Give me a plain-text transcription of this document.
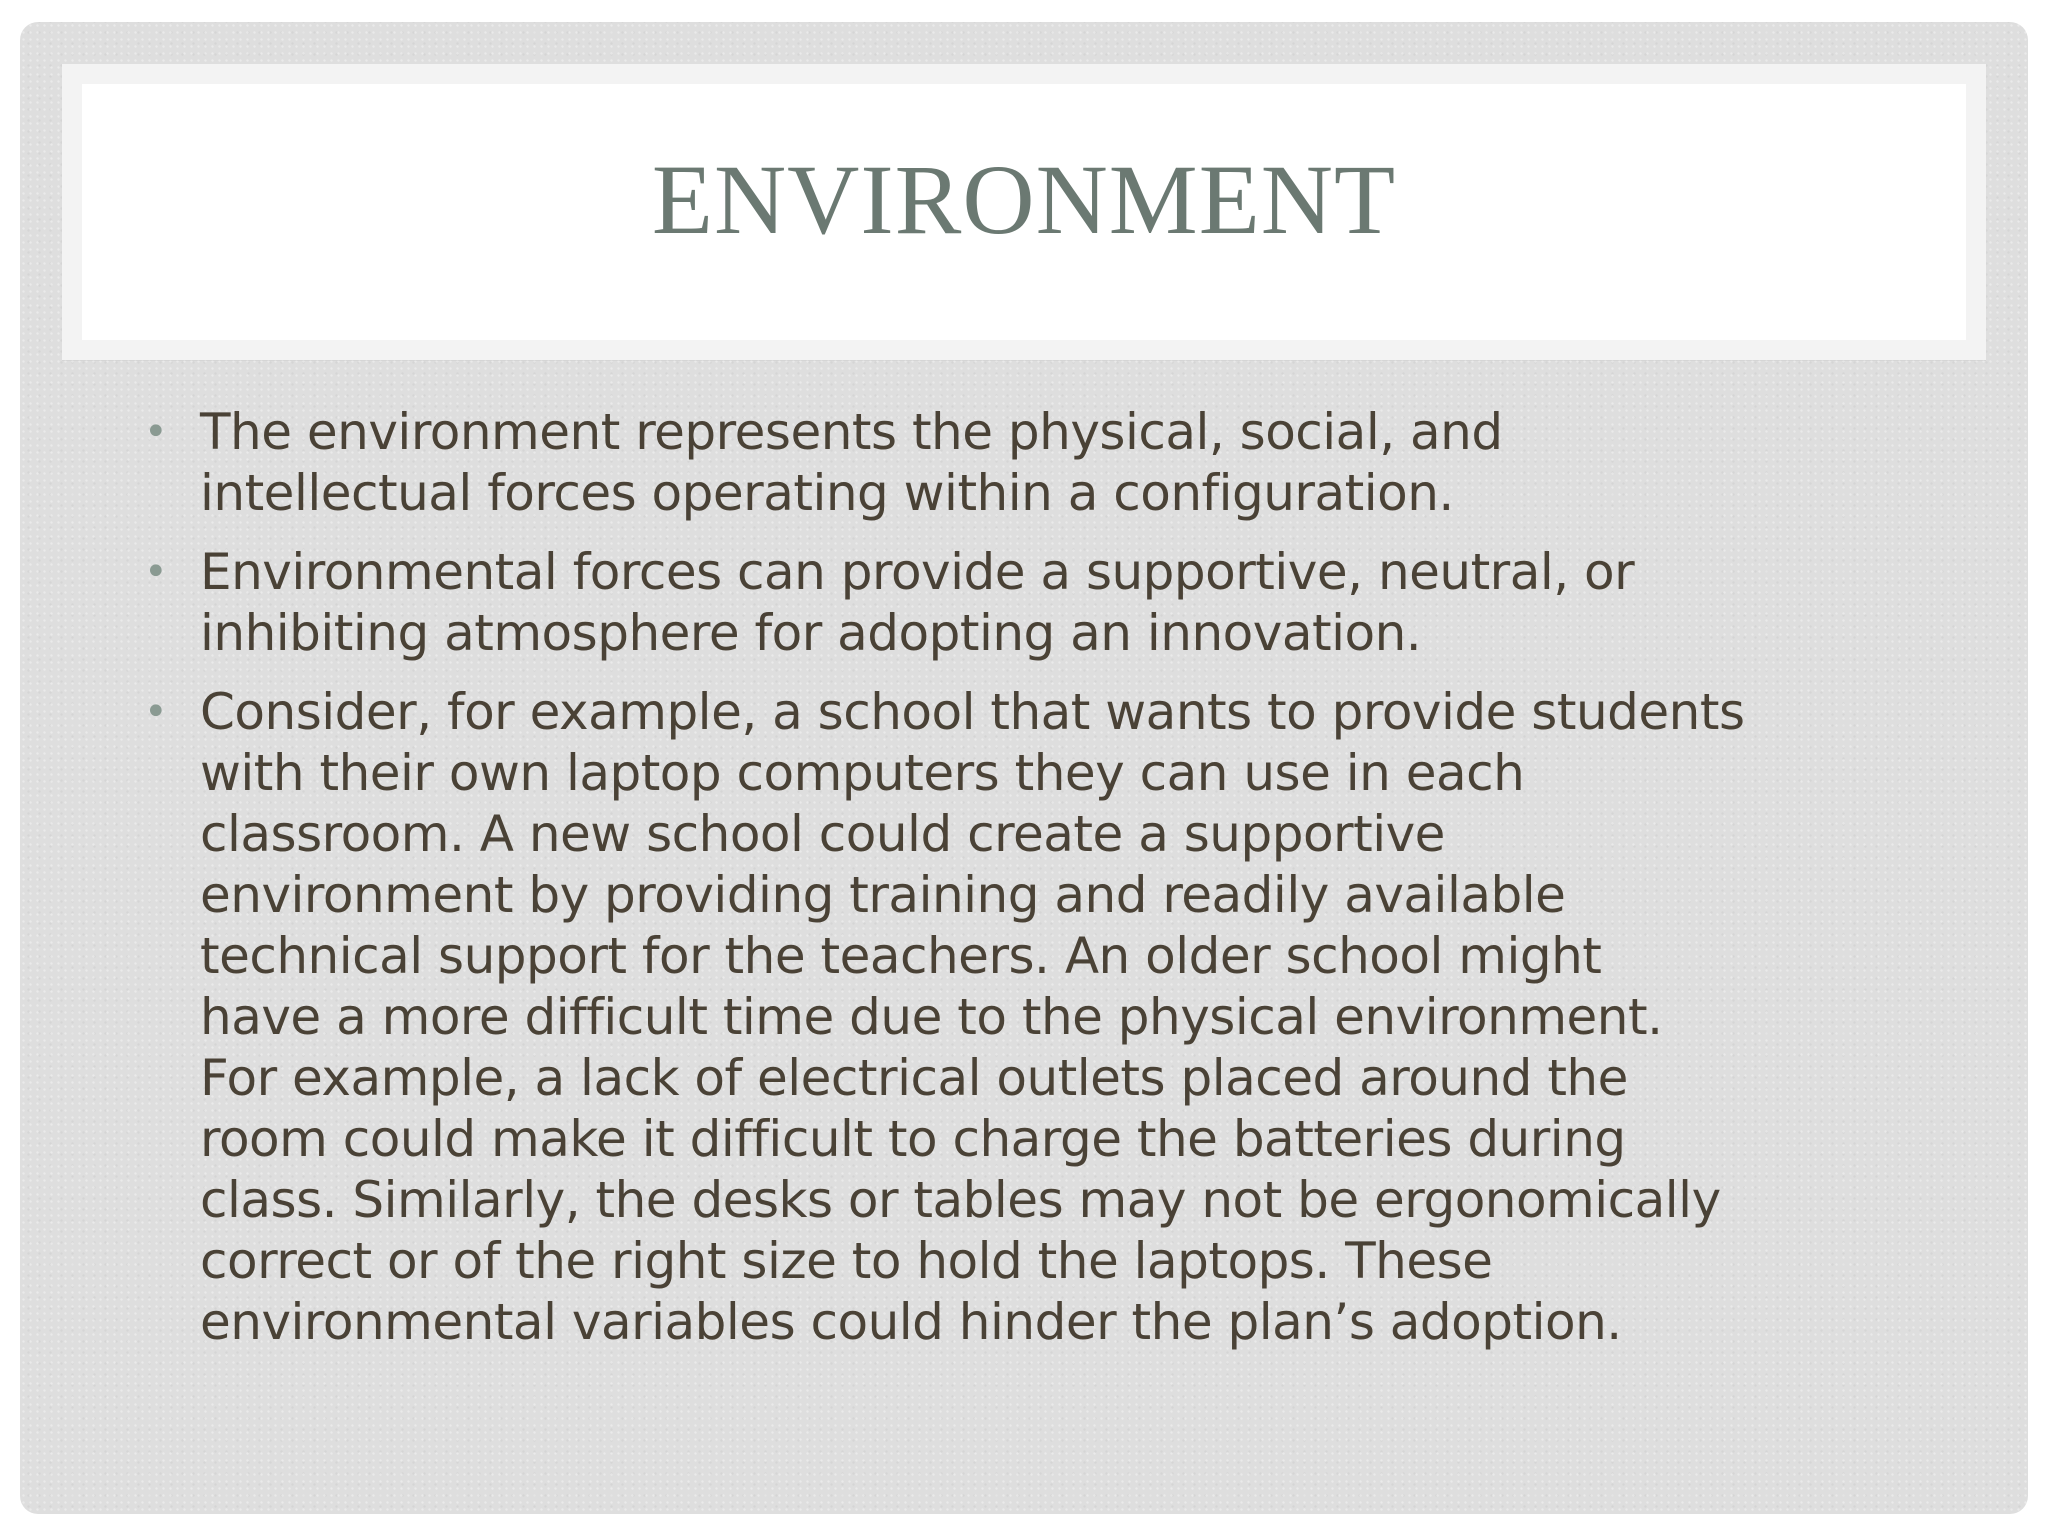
ENVIRONMENT
• The environment represents the physical, social, and
intellectual forces operating within a configuration.
• Environmental forces can provide a supportive, neutral, or
inhibiting atmosphere for adopting an innovation.
• Consider, for example, a school that wants to provide students
with their own laptop computers they can use in each
classroom. A new school could create a supportive
environment by providing training and readily available
technical support for the teachers. An older school might
have a more difficult time due to the physical environment.
For example, a lack of electrical outlets placed around the
room could make it difficult to charge the batteries during
class. Similarly, the desks or tables may not be ergonomically
correct or of the right size to hold the laptops. These
environmental variables could hinder the plan’s adoption.
